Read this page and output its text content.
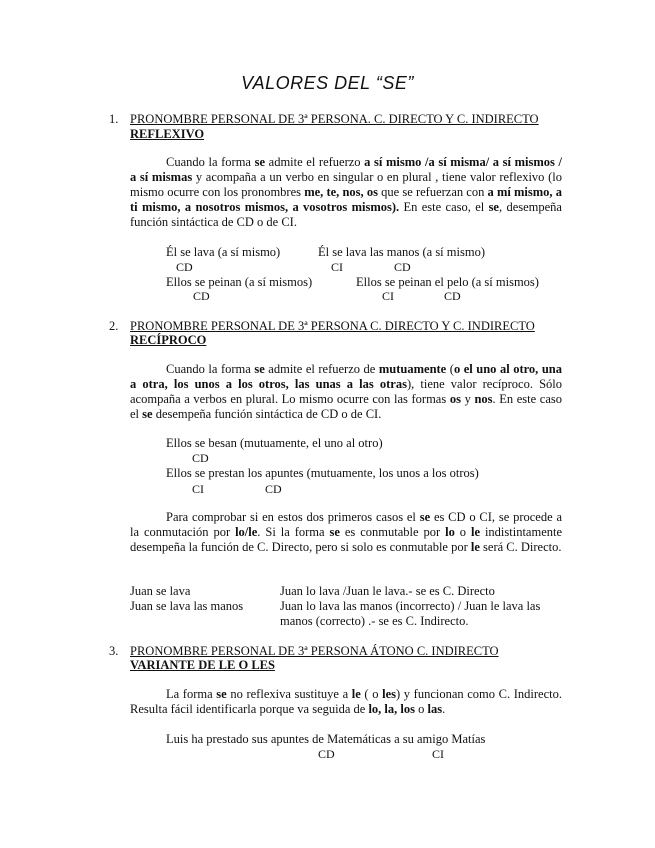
VALORES DEL “SE”
1. PRONOMBRE PERSONAL DE 3ª PERSONA. C. DIRECTO Y C. INDIRECTO
REFLEXIVO

Cuando la forma se admite el refuerzo a sí mismo /a sí misma/ a sí mismos / a sí mismas y acompaña a un verbo en singular o en plural , tiene valor reflexivo (lo mismo ocurre con los pronombres me, te, nos, os que se refuerzan con a mí mismo, a ti mismo, a nosotros mismos, a vosotros mismos). En este caso, el se, desempeña función sintáctica de CD o de CI.

Él se lava (a sí mismo)	Él se lava las manos (a sí mismo)
CD	CI	CD
Ellos se peinan (a sí mismos)	Ellos se peinan el pelo (a sí mismos)
CD	CI	CD
2. PRONOMBRE PERSONAL DE 3ª PERSONA C. DIRECTO Y C. INDIRECTO
RECÍPROCO

Cuando la forma se admite el refuerzo de mutuamente (o el uno al otro, una a otra, los unos a los otros, las unas a las otras), tiene valor recíproco. Sólo acompaña a verbos en plural. Lo mismo ocurre con las formas os y nos. En este caso el se desempeña función sintáctica de CD o de CI.

Ellos se besan (mutuamente, el uno al otro)
CD
Ellos se prestan los apuntes (mutuamente, los unos a los otros)
CI	CD

Para comprobar si en estos dos primeros casos el se es CD o CI, se procede a la conmutación por lo/le. Si la forma se es conmutable por lo o le indistintamente desempeña la función de C. Directo, pero si solo es conmutable por le será C. Directo.

Juan se lava	Juan lo lava /Juan le lava.- se es C. Directo
Juan se lava las manos	Juan lo lava las manos (incorrecto) / Juan le lava las
manos (correcto) .- se es C. Indirecto.
3. PRONOMBRE PERSONAL DE 3ª PERSONA ÁTONO C. INDIRECTO
VARIANTE DE LE O LES

La forma se no reflexiva sustituye a le ( o les) y funcionan como C. Indirecto. Resulta fácil identificarla porque va seguida de lo, la, los o las.

Luis ha prestado sus apuntes de Matemáticas a su amigo Matías
CD	CI
